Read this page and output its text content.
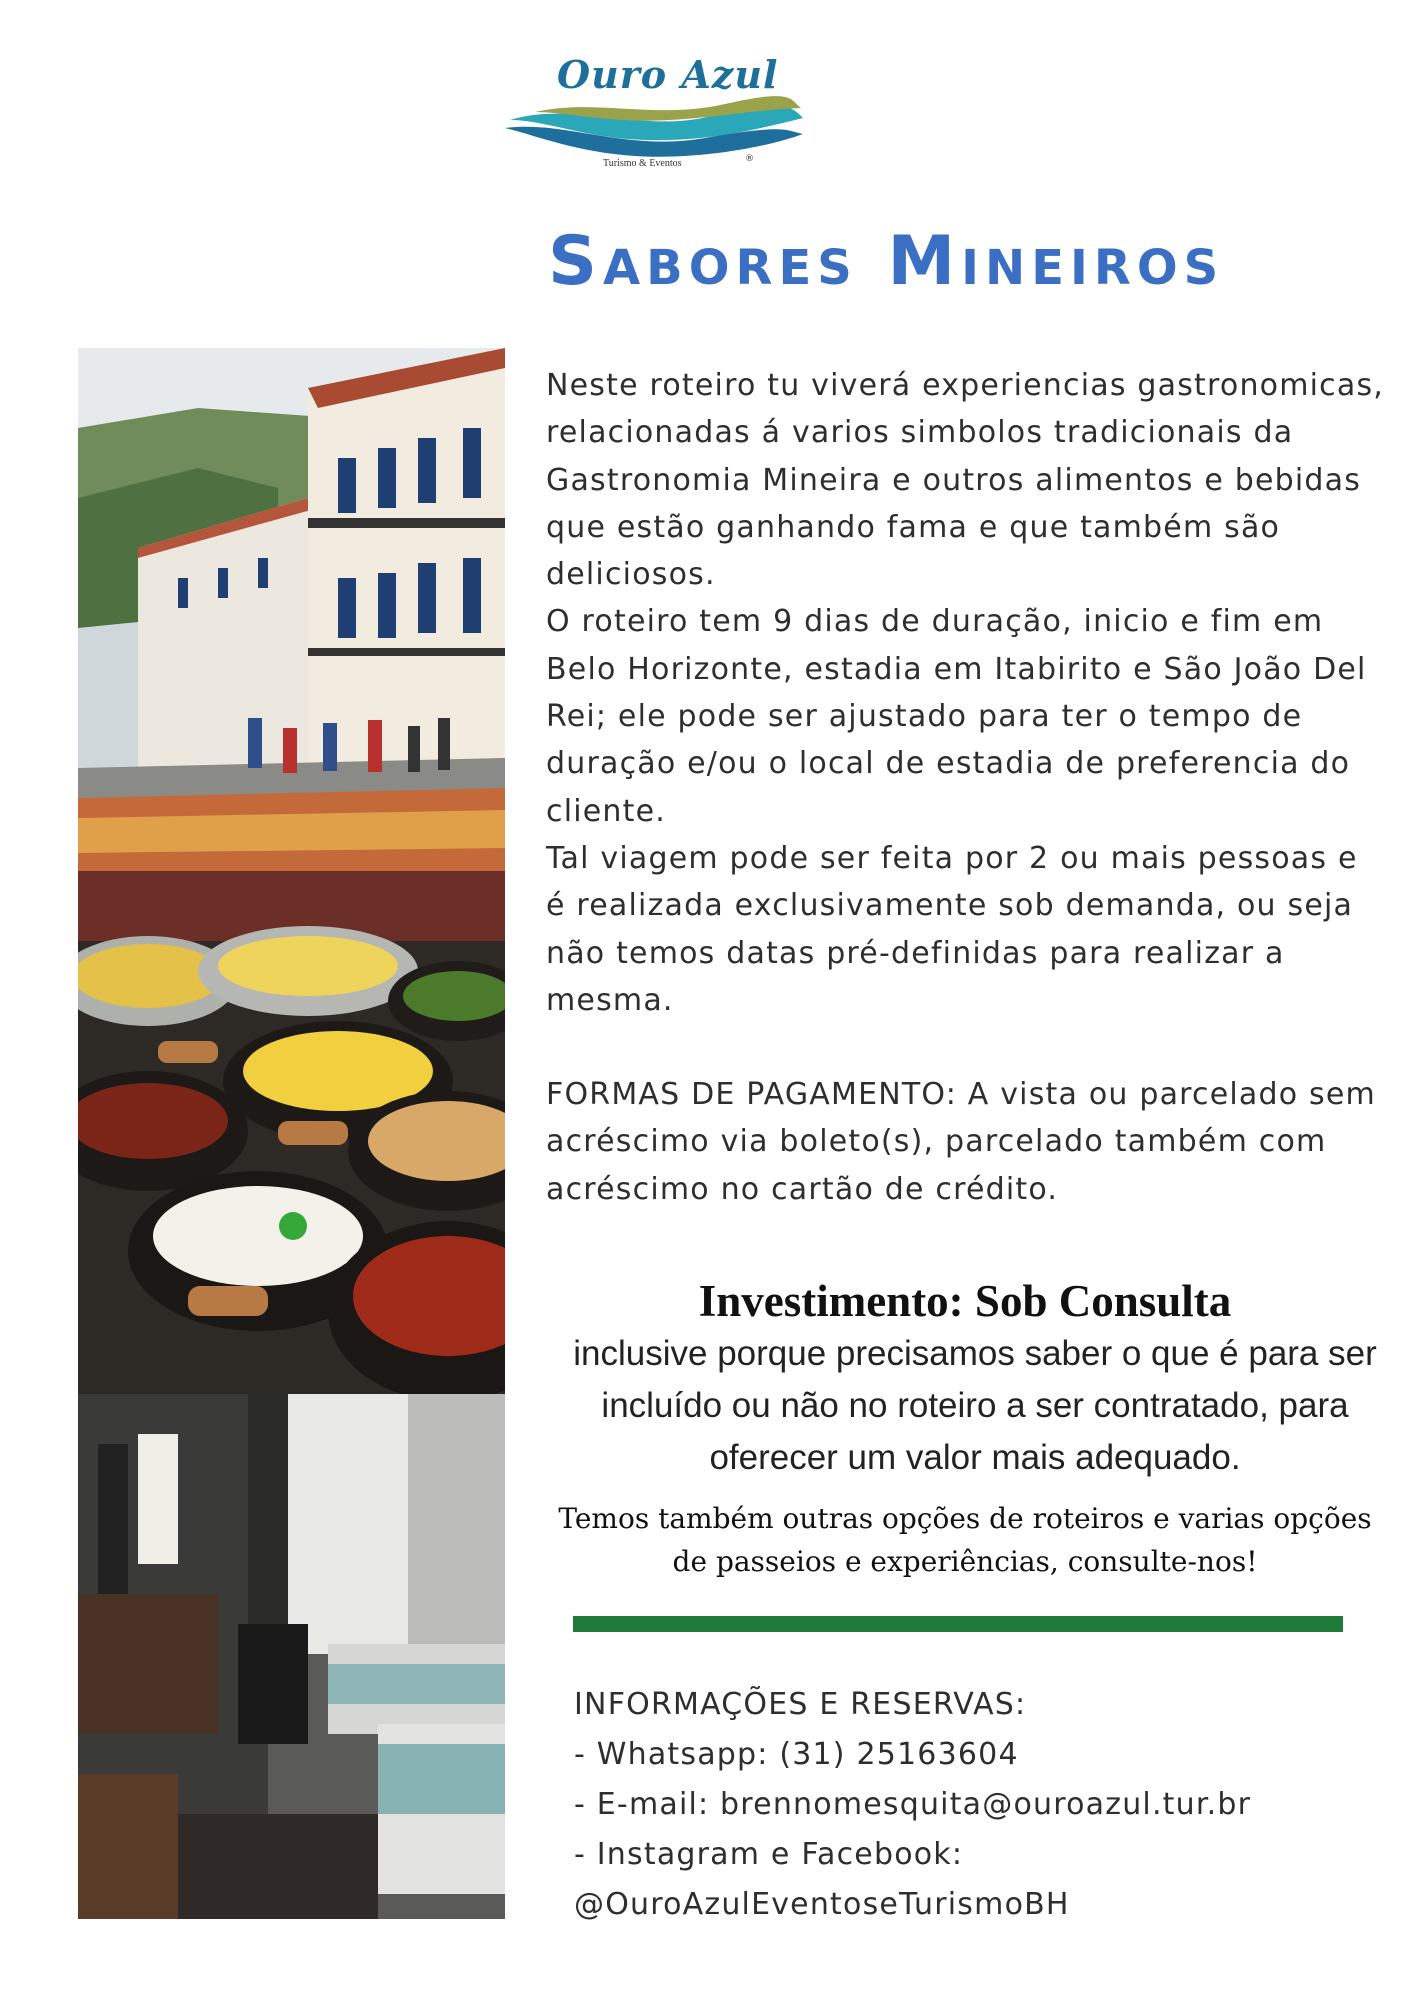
Ouro Azul
Turismo & Eventos	®
Sabores Mineiros

Neste roteiro tu viverá experiencias gastronomicas, relacionadas á varios simbolos tradicionais da Gastronomia Mineira e outros alimentos e bebidas que estão ganhando fama e que também são deliciosos.

O roteiro tem 9 dias de duração, inicio e fim em Belo Horizonte, estadia em Itabirito e São João Del Rei; ele pode ser ajustado para ter o tempo de duração e/ou o local de estadia de preferencia do cliente.

Tal viagem pode ser feita por 2 ou mais pessoas e é realizada exclusivamente sob demanda, ou seja não temos datas pré-definidas para realizar a mesma.

FORMAS DE PAGAMENTO: A vista ou parcelado sem acréscimo via boleto(s), parcelado também com acréscimo no cartão de crédito.
Investimento: Sob Consulta
inclusive porque precisamos saber o que é para ser incluído ou não no roteiro a ser contratado, para oferecer um valor mais adequado.
Temos também outras opções de roteiros e varias opções de passeios e experiências, consulte-nos!
INFORMAÇÕES E RESERVAS:
- Whatsapp: (31) 25163604
- E-mail: brennomesquita@ouroazul.tur.br
- Instagram e Facebook:
@OuroAzulEventoseTurismoBH
